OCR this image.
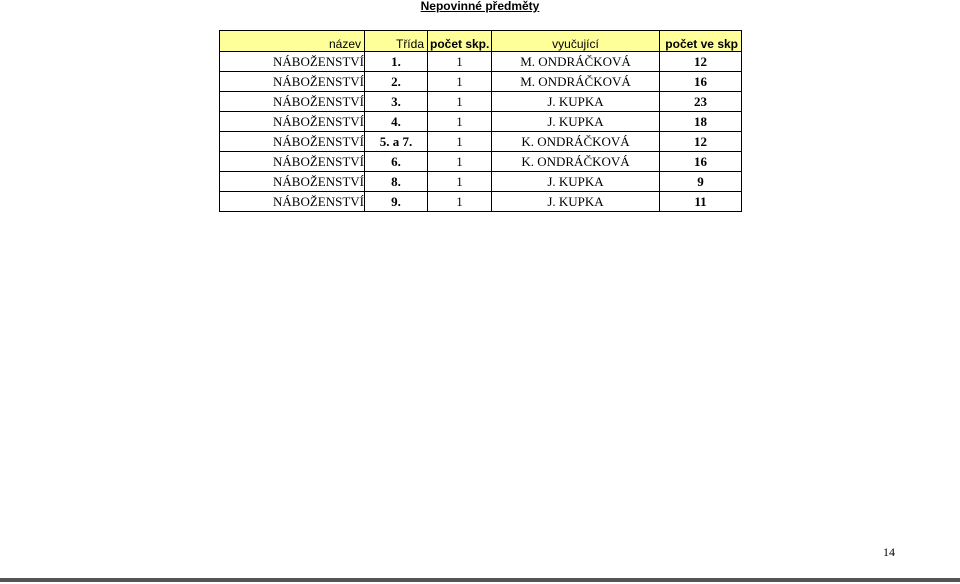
Nepovinné předměty
název	Třída	počet skp.	vyučující	počet ve skp
NÁBOŽENSTVÍ	1.	1	M. ONDRÁČKOVÁ	12
NÁBOŽENSTVÍ	2.	1	M. ONDRÁČKOVÁ	16
NÁBOŽENSTVÍ	3.	1	J. KUPKA	23
NÁBOŽENSTVÍ	4.	1	J. KUPKA	18
NÁBOŽENSTVÍ	5. a 7.	1	K. ONDRÁČKOVÁ	12
NÁBOŽENSTVÍ	6.	1	K. ONDRÁČKOVÁ	16
NÁBOŽENSTVÍ	8.	1	J. KUPKA	9
NÁBOŽENSTVÍ	9.	1	J. KUPKA	11
14
